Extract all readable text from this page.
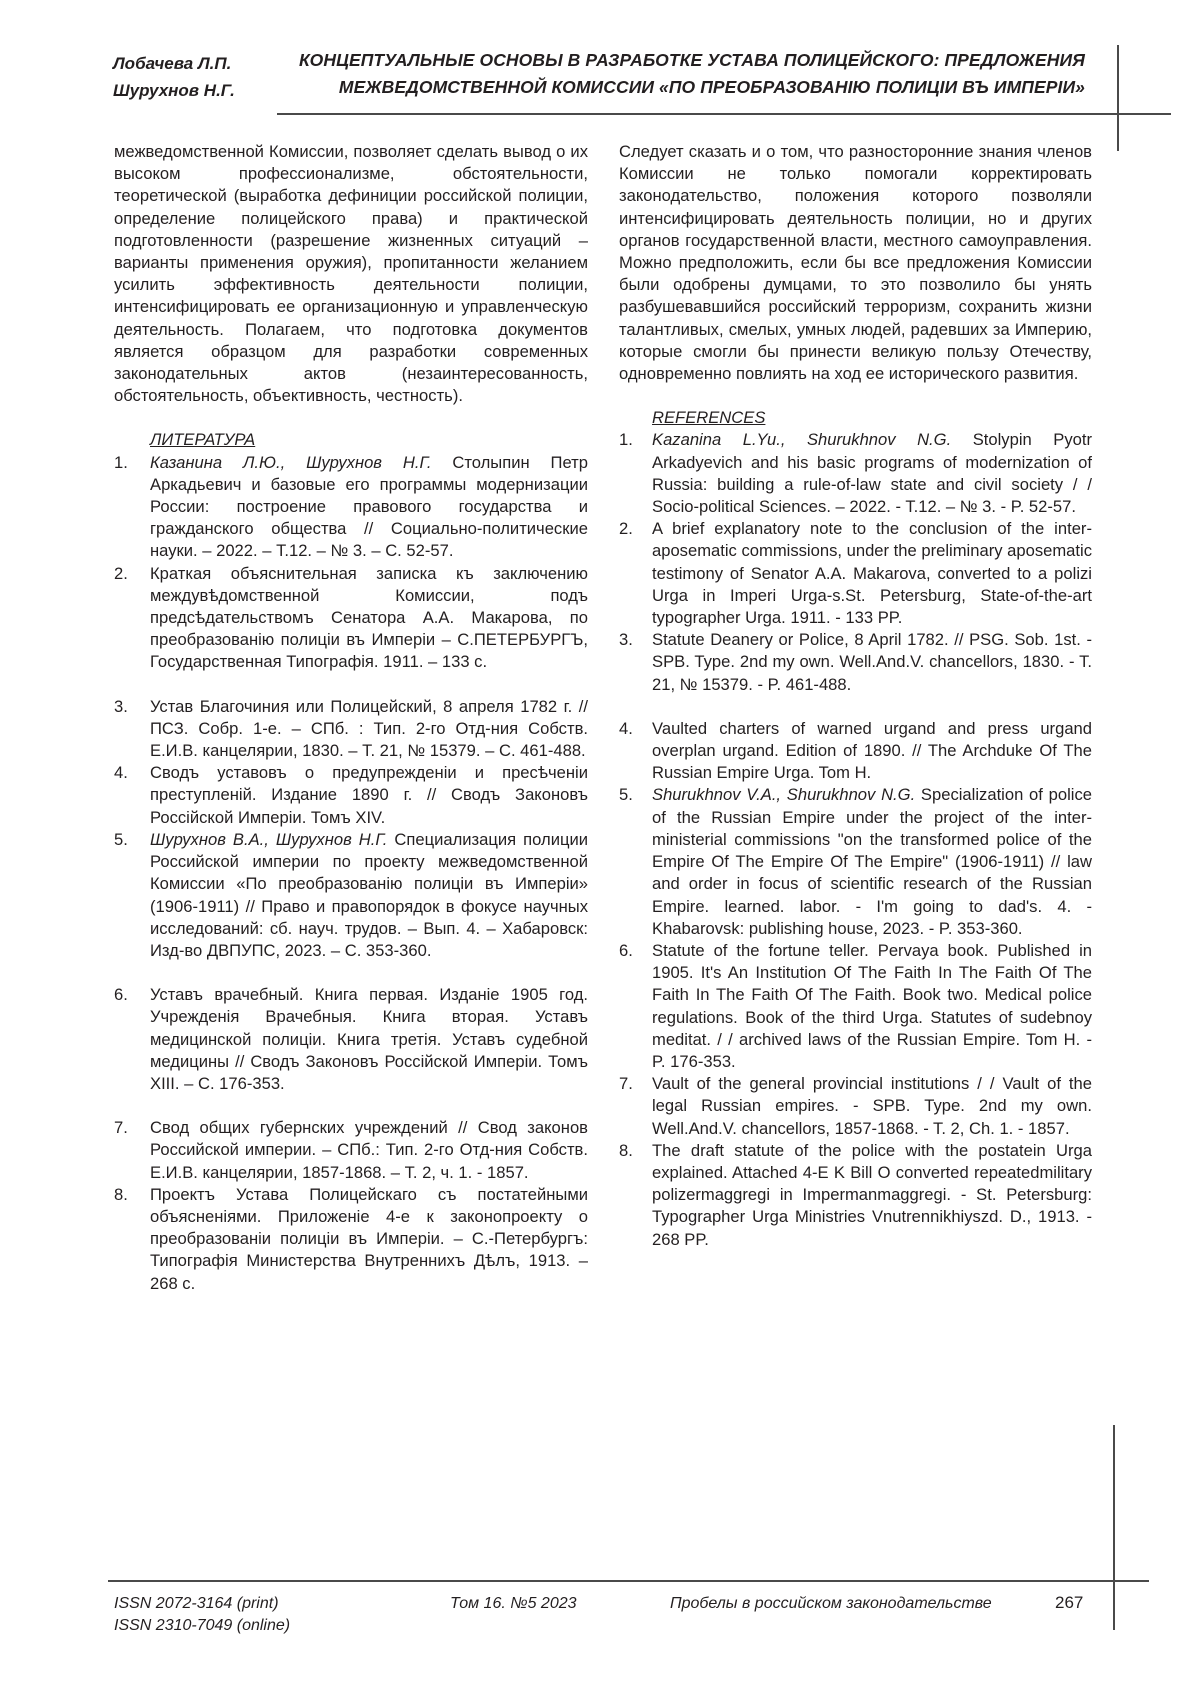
Лобачева Л.П.
Шурухнов Н.Г.
КОНЦЕПТУАЛЬНЫЕ ОСНОВЫ В РАЗРАБОТКЕ УСТАВА ПОЛИЦЕЙСКОГО: ПРЕДЛОЖЕНИЯ
МЕЖВЕДОМСТВЕННОЙ КОМИССИИ «ПО ПРЕОБРАЗОВАНІЮ ПОЛИЦІИ ВЪ ИМПЕРІИ»

межведомственной Комиссии, позволяет сделать вывод о их высоком профессионализме, обстоятельности, теоретической (выработка дефиниции российской полиции, определение полицейского права) и практической подготовленности (разрешение жизненных ситуаций – варианты применения оружия), пропитанности желанием усилить эффективность деятельности полиции, интенсифицировать ее организационную и управленческую деятельность. Полагаем, что подготовка документов является образцом для разработки современных законодательных актов (незаинтересованность, обстоятельность, объективность, честность).

ЛИТЕРАТУРА
1. Казанина Л.Ю., Шурухнов Н.Г. Столыпин Петр Аркадьевич и базовые его программы модернизации России: построение правового государства и гражданского общества // Социально-политические науки. – 2022. – Т.12. – № 3. – С. 52-57.
2. Краткая объяснительная записка къ заключению междувѣдомственной Комиссии, подъ предсѣдательствомъ Сенатора А.А. Макарова, по преобразованію полиціи въ Имперіи – С.ПЕТЕРБУРГЪ, Государственная Типографія. 1911. – 133 с.
3. Устав Благочиния или Полицейский, 8 апреля 1782 г. // ПСЗ. Собр. 1-е. – СПб. : Тип. 2-го Отд-ния Собств. Е.И.В. канцелярии, 1830. – Т. 21, № 15379. – С. 461-488.
4. Сводъ уставовъ о предупрежденіи и пресѣченіи преступленій. Издание 1890 г. // Сводъ Законовъ Россійской Имперіи. Томъ XIV.
5. Шурухнов В.А., Шурухнов Н.Г. Специализация полиции Российской империи по проекту межведомственной Комиссии «По преобразованію полиціи въ Имперіи» (1906-1911) // Право и правопорядок в фокусе научных исследований: сб. науч. трудов. – Вып. 4. – Хабаровск: Изд-во ДВПУПС, 2023. – С. 353-360.
6. Уставъ врачебный. Книга первая. Изданіе 1905 год. Учрежденія Врачебныя. Книга вторая. Уставъ медицинской полиціи. Книга третія. Уставъ судебной медицины // Сводъ Законовъ Россійской Имперіи. Томъ XIII. – С. 176-353.
7. Свод общих губернских учреждений // Свод законов Российской империи. – СПб.: Тип. 2-го Отд-ния Собств. Е.И.В. канцелярии, 1857-1868. – Т. 2, ч. 1. - 1857.
8. Проектъ Устава Полицейскаго съ постатейными объясненіями. Приложеніе 4-е к законопроекту о преобразованіи полиціи въ Имперіи. – С.-Петербургъ: Типографія Министерства Внутреннихъ Дѣлъ, 1913. – 268 с.

Следует сказать и о том, что разносторонние знания членов Комиссии не только помогали корректировать законодательство, положения которого позволяли интенсифицировать деятельность полиции, но и других органов государственной власти, местного самоуправления. Можно предположить, если бы все предложения Комиссии были одобрены думцами, то это позволило бы унять разбушевавшийся российский терроризм, сохранить жизни талантливых, смелых, умных людей, радевших за Империю, которые смогли бы принести великую пользу Отечеству, одновременно повлиять на ход ее исторического развития.

REFERENCES
1. Kazanina L.Yu., Shurukhnov N.G. Stolypin Pyotr Arkadyevich and his basic programs of modernization of Russia: building a rule-of-law state and civil society / / Socio-political Sciences. – 2022. - T.12. – № 3. - P. 52-57.
2. A brief explanatory note to the conclusion of the inter-aposematic commissions, under the preliminary aposematic testimony of Senator A.A. Makarova, converted to a polizi Urga in Imperi Urga-s.St. Petersburg, State-of-the-art typographer Urga. 1911. - 133 PP.
3. Statute Deanery or Police, 8 April 1782. // PSG. Sob. 1st. - SPB. Type. 2nd my own. Well.And.V. chancellors, 1830. - T. 21, № 15379. - P. 461-488.
4. Vaulted charters of warned urgand and press urgand overplan urgand. Edition of 1890. // The Archduke Of The Russian Empire Urga. Tom H.
5. Shurukhnov V.A., Shurukhnov N.G. Specialization of police of the Russian Empire under the project of the inter-ministerial commissions "on the transformed police of the Empire Of The Empire Of The Empire" (1906-1911) // law and order in focus of scientific research of the Russian Empire. learned. labor. - I'm going to dad's. 4. - Khabarovsk: publishing house, 2023. - P. 353-360.
6. Statute of the fortune teller. Pervaya book. Published in 1905. It's An Institution Of The Faith In The Faith Of The Faith In The Faith Of The Faith. Book two. Medical police regulations. Book of the third Urga. Statutes of sudebnoy meditat. / / archived laws of the Russian Empire. Tom H. - P. 176-353.
7. Vault of the general provincial institutions / / Vault of the legal Russian empires. - SPB. Type. 2nd my own. Well.And.V. chancellors, 1857-1868. - T. 2, Ch. 1. - 1857.
8. The draft statute of the police with the postatein Urga explained. Attached 4-E K Bill O converted repeatedmilitary polizermaggregi in Impermanmaggregi. - St. Petersburg: Typographer Urga Ministries Vnutrennikhiyszd. D., 1913. - 268 PP.
ISSN 2072-3164 (print)
ISSN 2310-7049 (online)
Том 16. №5 2023	Пробелы в российском законодательстве	267
